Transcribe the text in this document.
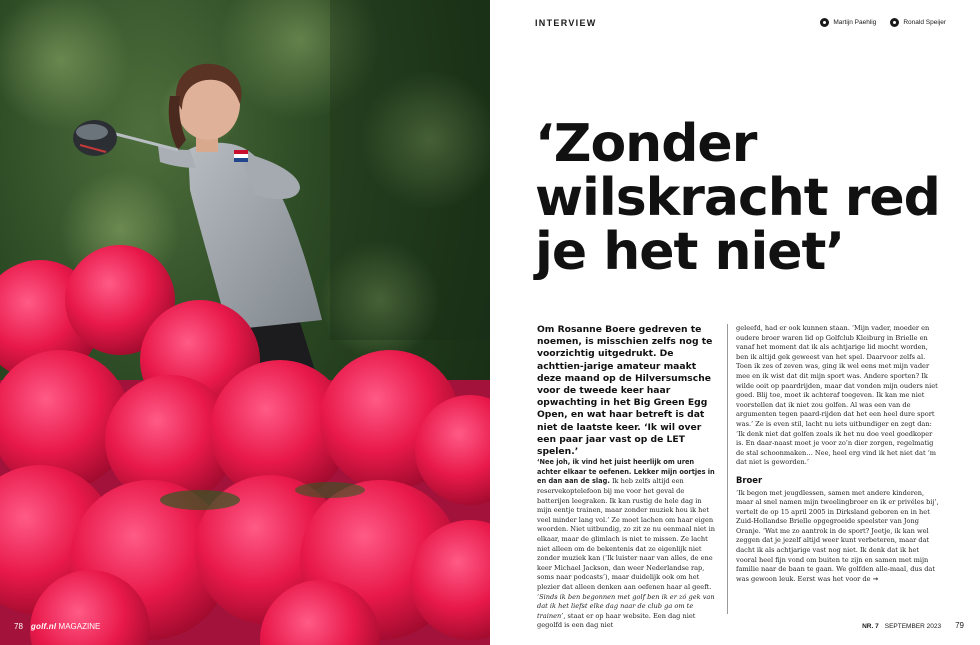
78 golf.nl MAGAZINE
INTERVIEW	Martijn Paehlig	Ronald Speijer
‘Zonder wilskracht red je het niet’

Om Rosanne Boere gedreven te noemen, is misschien zelfs nog te voorzichtig uitgedrukt. De achttien-jarige amateur maakt deze maand op de Hilversumsche voor de tweede keer haar opwachting in het Big Green Egg Open, en wat haar betreft is dat niet de laatste keer. ‘Ik wil over een paar jaar vast op de LET spelen.’

‘Nee joh, ik vind het juist heerlijk om uren achter elkaar te oefenen. Lekker mijn oortjes in en dan aan de slag. Ik heb zelfs altijd een reservekoptelefoon bij me voor het geval de batterijen leegraken. Ik kan rustig de hele dag in mijn eentje trainen, maar zonder muziek hou ik het veel minder lang vol.’ Ze moet lachen om haar eigen woorden. Niet uitbundig, zo zit ze nu eenmaal niet in elkaar, maar de glimlach is niet te missen. Ze lacht niet alleen om de bekentenis dat ze eigenlijk niet zonder muziek kan (‘Ik luister naar van alles, de ene keer Michael Jackson, dan weer Nederlandse rap, soms naar podcasts’), maar duidelijk ook om het plezier dat alleen denken aan oefenen haar al geeft. ‘Sinds ik ben begonnen met golf ben ik er zó gek van dat ik het liefst elke dag naar de club ga om te trainen’, staat er op haar website. Een dag niet gegolfd is een dag niet

geleefd, had er ook kunnen staan. ‘Mijn vader, moeder en oudere broer waren lid op Golfclub Kleiburg in Brielle en vanaf het moment dat ik als achtjarige lid mocht worden, ben ik altijd gek geweest van het spel. Daarvoor zelfs al. Toen ik zes of zeven was, ging ik wel eens met mijn vader mee en ik wist dat dit mijn sport was. Andere sporten? Ik wilde ooit op paardrijden, maar dat vonden mijn ouders niet goed. Blij toe, moet ik achteraf toegeven. Ik kan me niet voorstellen dat ik niet zou golfen. Al was een van de argumenten tegen paard-rijden dat het een heel dure sport was.’ Ze is even stil, lacht nu iets uitbundiger en zegt dan: ‘Ik denk niet dat golfen zoals ik het nu doe veel goedkoper is. En daar-naast moet je voor zo’n dier zorgen, regelmatig de stal schoonmaken… Nee, heel erg vind ik het niet dat ’m dat niet is geworden.’

Broer

‘Ik begon met jeugdlessen, samen met andere kinderen, maar al snel namen mijn tweelingbroer en ik er privéles bij’, vertelt de op 15 april 2005 in Dirksland geboren en in het Zuid-Hollandse Brielle opgegroeide speelster van Jong Oranje. ‘Wat me zo aantrok in de sport? Jeetje, ik kan wel zeggen dat je jezelf altijd weer kunt verbeteren, maar dat dacht ik als achtjarige vast nog niet. Ik denk dat ik het vooral heel fijn vond om buiten te zijn en samen met mijn familie naar de baan te gaan. We golfden alle-maal, dus dat was gewoon leuk. Eerst was het voor de →

NR. 7 SEPTEMBER 2023 79
